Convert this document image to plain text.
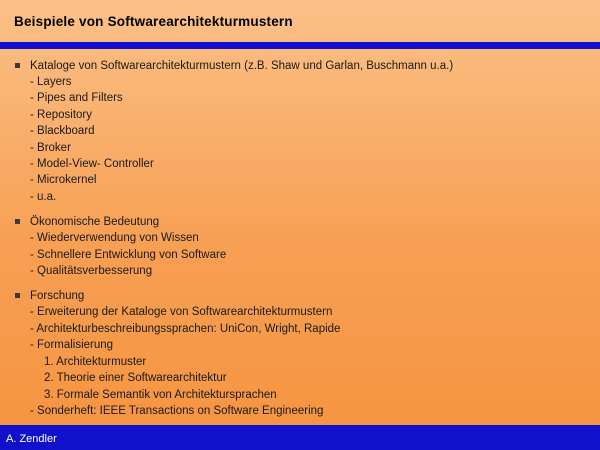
Beispiele von Softwarearchitekturmustern
Kataloge von Softwarearchitekturmustern (z.B. Shaw und Garlan, Buschmann u.a.)
- Layers
- Pipes and Filters
- Repository
- Blackboard
- Broker
- Model-View- Controller
- Microkernel
- u.a.
Ökonomische Bedeutung
- Wiederverwendung von Wissen
- Schnellere Entwicklung von Software
- Qualitätsverbesserung
Forschung
- Erweiterung der Kataloge von Softwarearchitekturmustern
- Architekturbeschreibungssprachen: UniCon, Wright, Rapide
- Formalisierung
1. Architekturmuster
2. Theorie einer Softwarearchitektur
3. Formale Semantik von Architektursprachen
- Sonderheft: IEEE Transactions on Software Engineering
A. Zendler
